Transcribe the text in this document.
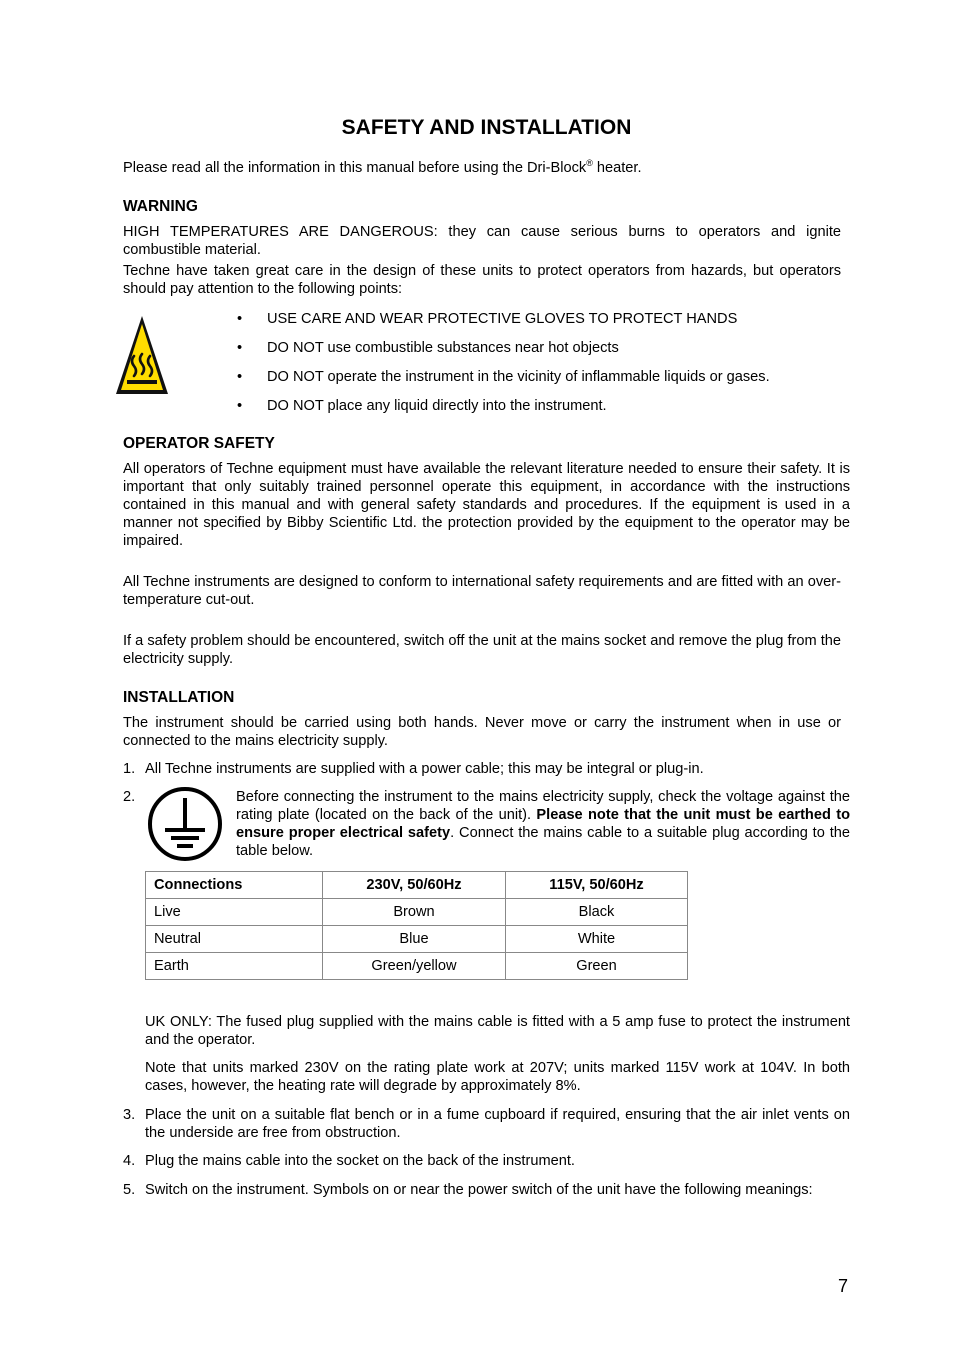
SAFETY AND INSTALLATION
Please read all the information in this manual before using the Dri-Block® heater.
WARNING
HIGH TEMPERATURES ARE DANGEROUS: they can cause serious burns to operators and ignite combustible material.
Techne have taken great care in the design of these units to protect operators from hazards, but operators should pay attention to the following points:
• USE CARE AND WEAR PROTECTIVE GLOVES TO PROTECT HANDS
• DO NOT use combustible substances near hot objects
• DO NOT operate the instrument in the vicinity of inflammable liquids or gases.
• DO NOT place any liquid directly into the instrument.
OPERATOR SAFETY
All operators of Techne equipment must have available the relevant literature needed to ensure their safety. It is important that only suitably trained personnel operate this equipment, in accordance with the instructions contained in this manual and with general safety standards and procedures. If the equipment is used in a manner not specified by Bibby Scientific Ltd. the protection provided by the equipment to the operator may be impaired.
All Techne instruments are designed to conform to international safety requirements and are fitted with an over-temperature cut-out.
If a safety problem should be encountered, switch off the unit at the mains socket and remove the plug from the electricity supply.
INSTALLATION
The instrument should be carried using both hands. Never move or carry the instrument when in use or connected to the mains electricity supply.
1. All Techne instruments are supplied with a power cable; this may be integral or plug-in.
2.	Before connecting the instrument to the mains electricity supply, check the voltage against the rating plate (located on the back of the unit). Please note that the unit must be earthed to ensure proper electrical safety. Connect the mains cable to a suitable plug according to the table below.
Connections	230V, 50/60Hz	115V, 50/60Hz
Live	Brown	Black
Neutral	Blue	White
Earth	Green/yellow	Green
UK ONLY: The fused plug supplied with the mains cable is fitted with a 5 amp fuse to protect the instrument and the operator.
Note that units marked 230V on the rating plate work at 207V; units marked 115V work at 104V. In both cases, however, the heating rate will degrade by approximately 8%.
3. Place the unit on a suitable flat bench or in a fume cupboard if required, ensuring that the air inlet vents on the underside are free from obstruction.
4. Plug the mains cable into the socket on the back of the instrument.
5. Switch on the instrument. Symbols on or near the power switch of the unit have the following meanings:
7
